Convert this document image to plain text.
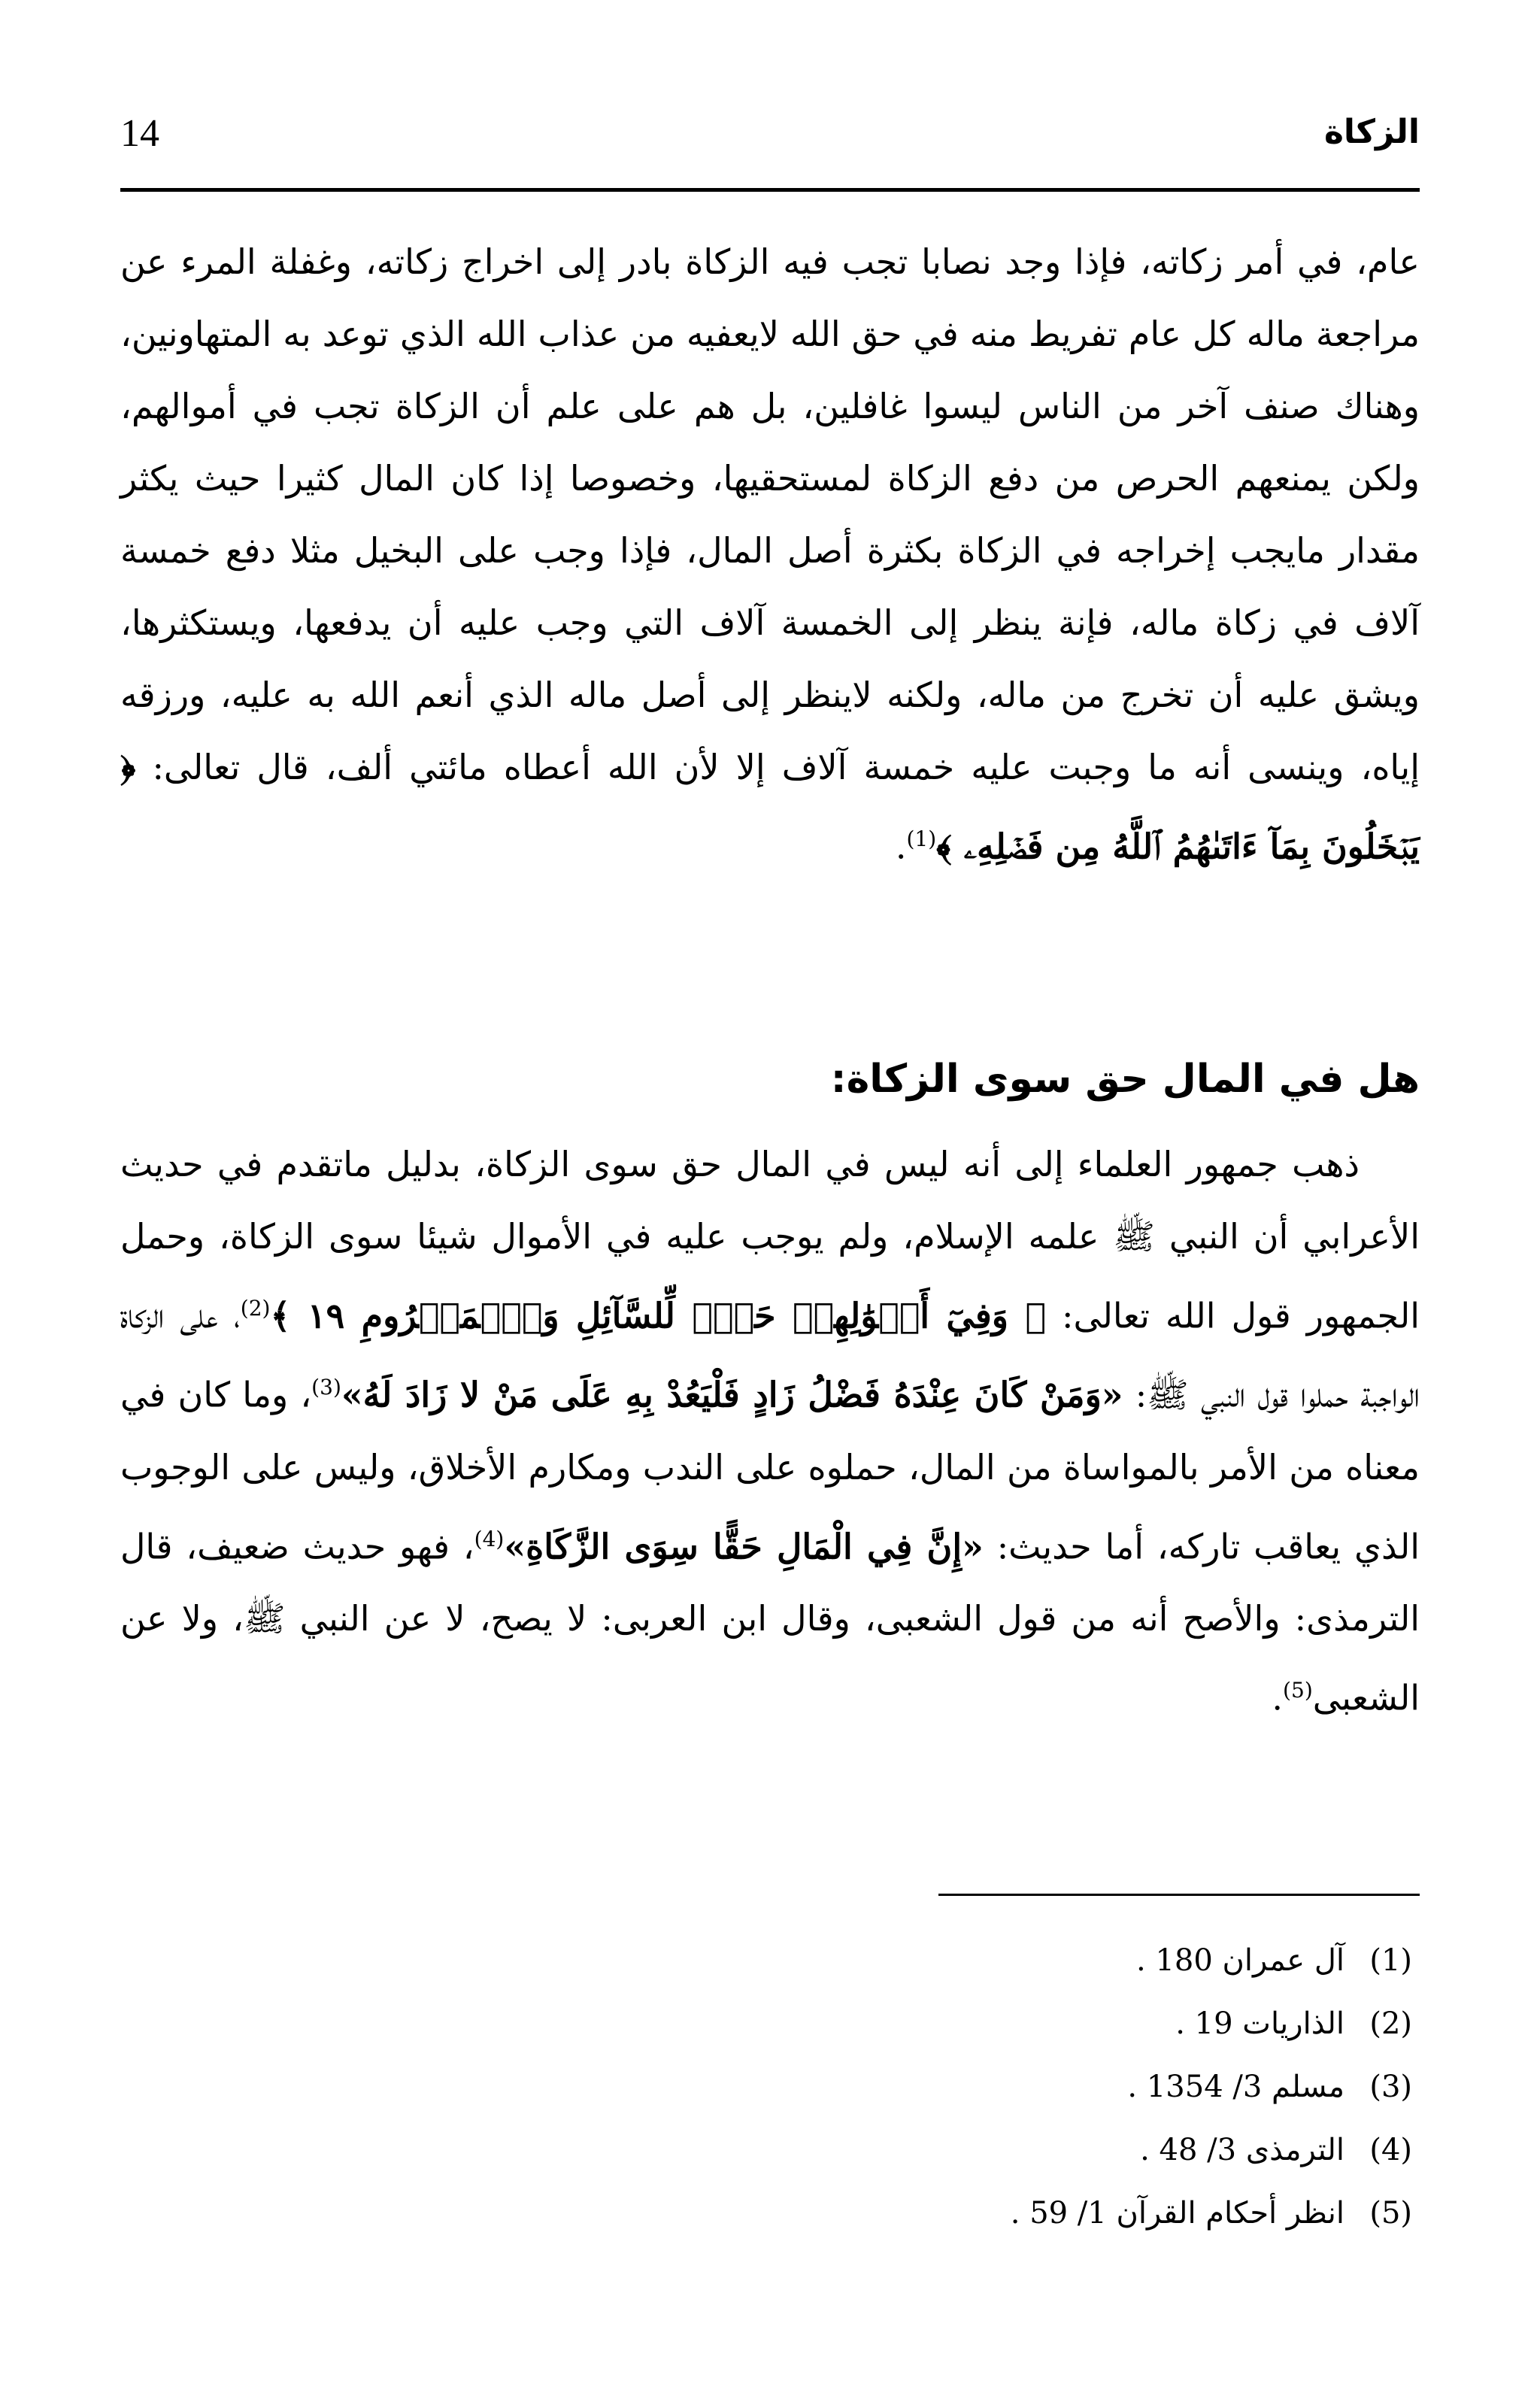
14	الزكاة

عام، في أمر زكاته، فإذا وجد نصابا تجب فيه الزكاة بادر إلى اخراج زكاته، وغفلة المرء عن مراجعة ماله كل عام تفريط منه في حق الله لايعفيه من عذاب الله الذي توعد به المتهاونين، وهناك صنف آخر من الناس ليسوا غافلين، بل هم على علم أن الزكاة تجب في أموالهم، ولكن يمنعهم الحرص من دفع الزكاة لمستحقيها، وخصوصا إذا كان المال كثيرا حيث يكثر مقدار مايجب إخراجه في الزكاة بكثرة أصل المال، فإذا وجب على البخيل مثلا دفع خمسة آلاف في زكاة ماله، فإنة ينظر إلى الخمسة آلاف التي وجب عليه أن يدفعها، ويستكثرها، ويشق عليه أن تخرج من ماله، ولكنه لاينظر إلى أصل ماله الذي أنعم الله به عليه، ورزقه إياه، وينسى أنه ما وجبت عليه خمسة آلاف إلا لأن الله أعطاه مائتي ألف، قال تعالى: ﴿ يَبۡخَلُونَ بِمَآ ءَاتَىٰهُمُ ٱللَّهُ مِن فَضۡلِهِۦ ﴾$^{(1)}$.

هل في المال حق سوى الزكاة:

ذهب جمهور العلماء إلى أنه ليس في المال حق سوى الزكاة، بدليل ماتقدم في حديث الأعرابي أن النبي ﷺ علمه الإسلام، ولم يوجب عليه في الأموال شيئا سوى الزكاة، وحمل الجمهور قول الله تعالى: ﴿ وَفِيٓ أَمۡوَٰلِهِمۡ حَقّٞ لِّلسَّآئِلِ وَٱلۡمَحۡرُومِ ١٩ ﴾$^{(2)}$، على الزكاة الواجبة حملوا قول النبي ﷺ: «وَمَنْ كَانَ عِنْدَهُ فَضْلُ زَادٍ فَلْيَعُدْ بِهِ عَلَى مَنْ لا زَادَ لَهُ»$^{(3)}$، وما كان في معناه من الأمر بالمواساة من المال، حملوه على الندب ومكارم الأخلاق، وليس على الوجوب الذي يعاقب تاركه، أما حديث: «إِنَّ فِي الْمَالِ حَقًّا سِوَى الزَّكَاةِ»$^{(4)}$، فهو حديث ضعيف، قال الترمذى: والأصح أنه من قول الشعبى، وقال ابن العربى: لا يصح، لا عن النبي ﷺ، ولا عن الشعبى$^{(5)}$.

(1)
آل عمران 180 .
(2)
الذاريات 19 .
(3)
مسلم 3/ 1354 .
(4)
الترمذى 3/ 48 .
(5)
انظر أحكام القرآن 1/ 59 .
